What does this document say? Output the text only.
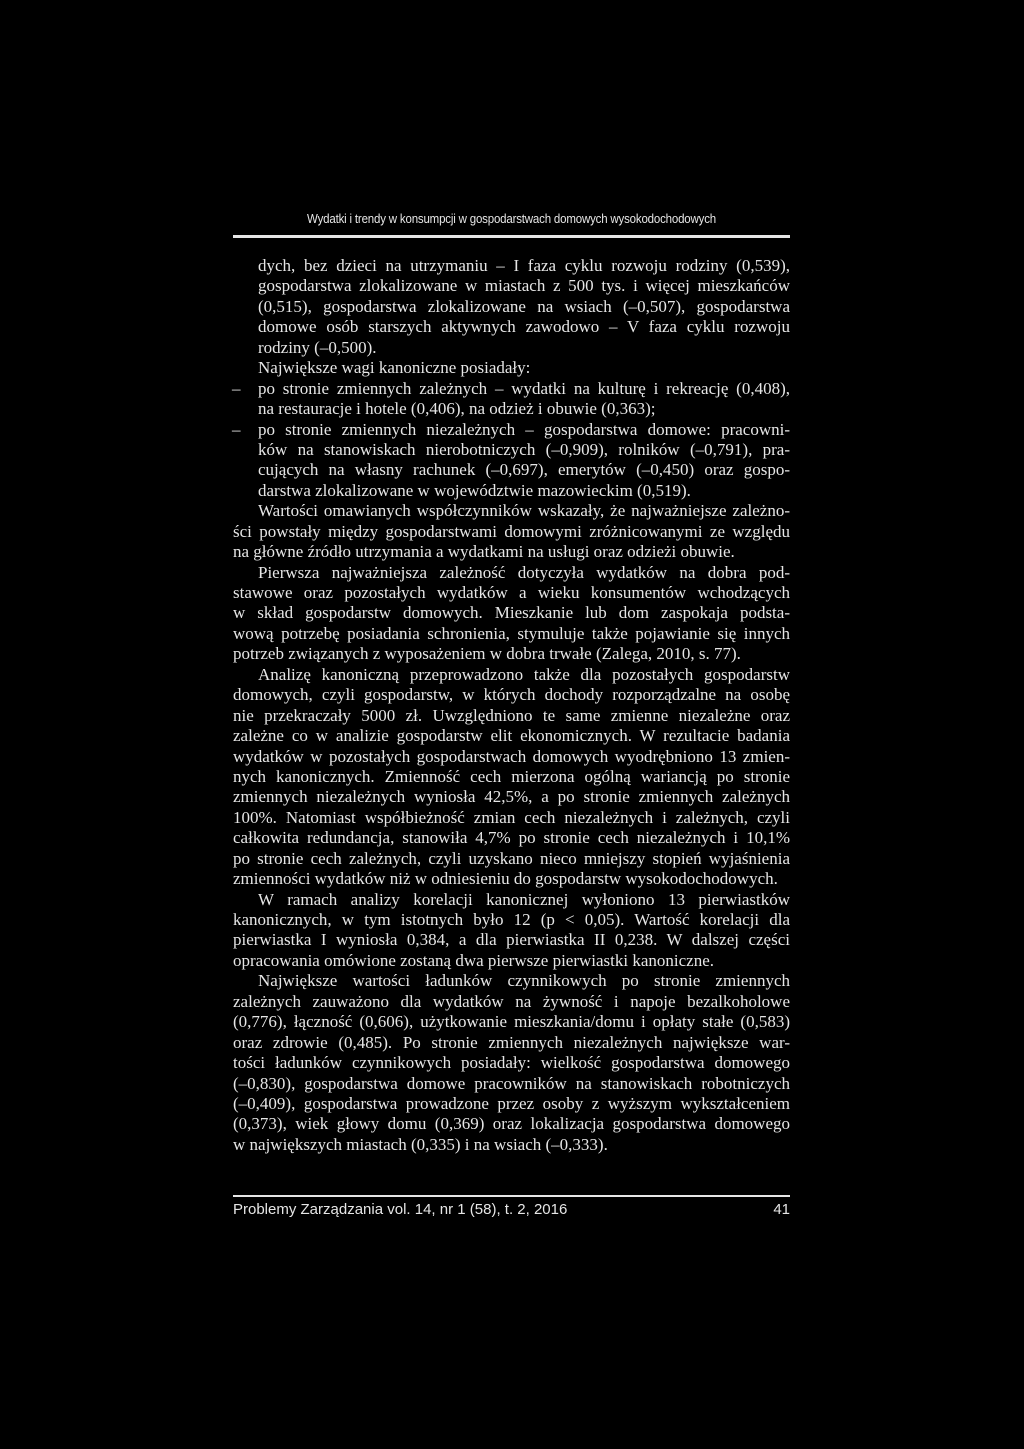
Wydatki i trendy w konsumpcji w gospodarstwach domowych wysokodochodowych
dych, bez dzieci na utrzymaniu – I faza cyklu rozwoju rodziny (0,539),
gospodarstwa zlokalizowane w miastach z 500 tys. i więcej mieszkańców
(0,515), gospodarstwa zlokalizowane na wsiach (–0,507), gospodarstwa
domowe osób starszych aktywnych zawodowo – V faza cyklu rozwoju
rodziny (–0,500).
Największe wagi kanoniczne posiadały:
po stronie zmiennych zależnych – wydatki na kulturę i rekreację (0,408),
–
na restauracje i hotele (0,406), na odzież i obuwie (0,363);
po stronie zmiennych niezależnych – gospodarstwa domowe: pracowni-
–
ków na stanowiskach nierobotniczych (–0,909), rolników (–0,791), pra-
cujących na własny rachunek (–0,697), emerytów (–0,450) oraz gospo-
darstwa zlokalizowane w województwie mazowieckim (0,519).
Wartości omawianych współczynników wskazały, że najważniejsze zależno-
ści powstały między gospodarstwami domowymi zróżnicowanymi ze względu
na główne źródło utrzymania a wydatkami na usługi oraz odzieżi obuwie.
Pierwsza najważniejsza zależność dotyczyła wydatków na dobra pod-
stawowe oraz pozostałych wydatków a wieku konsumentów wchodzących
w skład gospodarstw domowych. Mieszkanie lub dom zaspokaja podsta-
wową potrzebę posiadania schronienia, stymuluje także pojawianie się innych
potrzeb związanych z wyposażeniem w dobra trwałe (Zalega, 2010, s. 77).
Analizę kanoniczną przeprowadzono także dla pozostałych gospodarstw
domowych, czyli gospodarstw, w których dochody rozporządzalne na osobę
nie przekraczały 5000 zł. Uwzględniono te same zmienne niezależne oraz
zależne co w analizie gospodarstw elit ekonomicznych. W rezultacie badania
wydatków w pozostałych gospodarstwach domowych wyodrębniono 13 zmien-
nych kanonicznych. Zmienność cech mierzona ogólną wariancją po stronie
zmiennych niezależnych wyniosła 42,5%, a po stronie zmiennych zależnych
100%. Natomiast współbieżność zmian cech niezależnych i zależnych, czyli
całkowita redundancja, stanowiła 4,7% po stronie cech niezależnych i 10,1%
po stronie cech zależnych, czyli uzyskano nieco mniejszy stopień wyjaśnienia
zmienności wydatków niż w odniesieniu do gospodarstw wysokodochodowych.
W ramach analizy korelacji kanonicznej wyłoniono 13 pierwiastków
kanonicznych, w tym istotnych było 12 (p < 0,05). Wartość korelacji dla
pierwiastka I wyniosła 0,384, a dla pierwiastka II 0,238. W dalszej części
opracowania omówione zostaną dwa pierwsze pierwiastki kanoniczne.
Największe wartości ładunków czynnikowych po stronie zmiennych
zależnych zauważono dla wydatków na żywność i napoje bezalkoholowe
(0,776), łączność (0,606), użytkowanie mieszkania/domu i opłaty stałe (0,583)
oraz zdrowie (0,485). Po stronie zmiennych niezależnych największe war-
tości ładunków czynnikowych posiadały: wielkość gospodarstwa domowego
(–0,830), gospodarstwa domowe pracowników na stanowiskach robotniczych
(–0,409), gospodarstwa prowadzone przez osoby z wyższym wykształceniem
(0,373), wiek głowy domu (0,369) oraz lokalizacja gospodarstwa domowego
w największych miastach (0,335) i na wsiach (–0,333).
Problemy Zarządzania vol. 14, nr 1 (58), t. 2, 2016	41
